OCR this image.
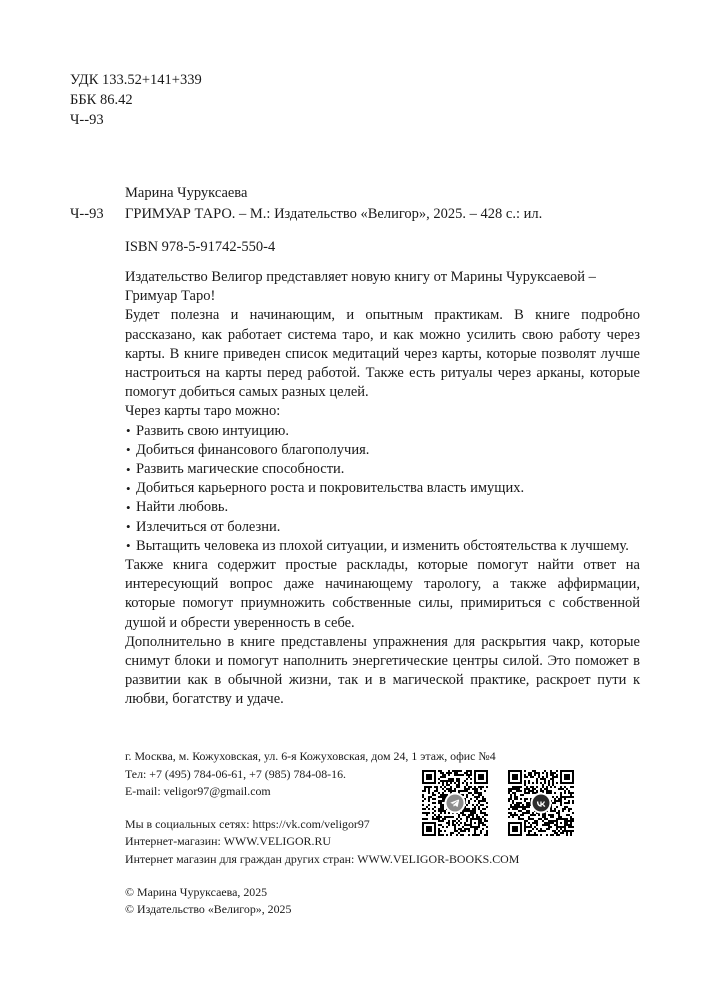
УДК 133.52+141+339
ББК 86.42
Ч--93
Марина Чуруксаева
Ч--93	ГРИМУАР ТАРО. – М.: Издательство «Велигор», 2025. – 428 с.: ил.
ISBN 978-5-91742-550-4

Издательство Велигор представляет новую книгу от Марины Чуруксаевой –

Гримуар Таро!

Будет полезна и начинающим, и опытным практикам. В книге подробно рассказано, как работает система таро, и как можно усилить свою работу через карты. В книге приведен список медитаций через карты, которые позволят лучше настроиться на карты перед работой. Также есть ритуалы через арканы, которые помогут добиться самых разных целей.

Через карты таро можно:

• Развить свою интуицию.
• Добиться финансового благополучия.
• Развить магические способности.
• Добиться карьерного роста и покровительства власть имущих.
• Найти любовь.
• Излечиться от болезни.
• Вытащить человека из плохой ситуации, и изменить обстоятельства к лучшему.

Также книга содержит простые расклады, которые помогут найти ответ на интересующий вопрос даже начинающему тарологу, а также аффирмации, которые помогут приумножить собственные силы, примириться с собственной душой и обрести уверенность в себе.

Дополнительно в книге представлены упражнения для раскрытия чакр, которые снимут блоки и помогут наполнить энергетические центры силой. Это поможет в развитии как в обычной жизни, так и в магической практике, раскроет пути к любви, богатству и удаче.

г. Москва, м. Кожуховская, ул. 6-я Кожуховская, дом 24, 1 этаж, офис №4
Тел: +7 (495) 784-06-61, +7 (985) 784-08-16.
E-mail: veligor97@gmail.com
Мы в социальных сетях: https://vk.com/veligor97
Интернет-магазин: WWW.VELIGOR.RU
Интернет магазин для граждан других стран: WWW.VELIGOR-BOOKS.COM
© Марина Чуруксаева, 2025
© Издательство «Велигор», 2025
